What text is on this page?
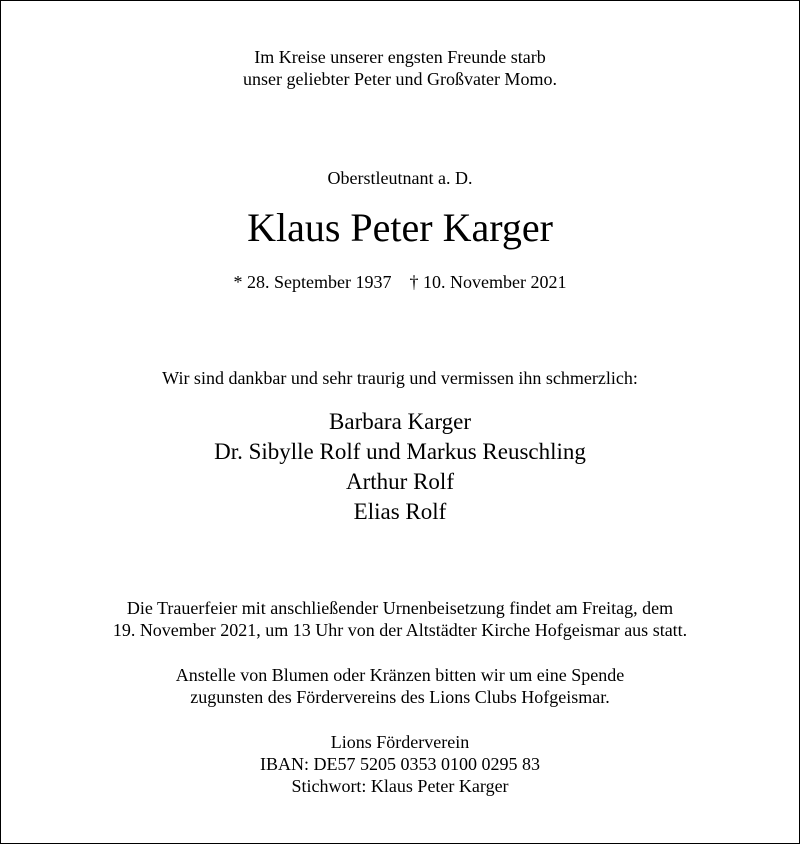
Im Kreise unserer engsten Freunde starb
unser geliebter Peter und Großvater Momo.
Oberstleutnant a. D.
Klaus Peter Karger
* 28. September 1937 † 10. November 2021
Wir sind dankbar und sehr traurig und vermissen ihn schmerzlich:
Barbara Karger
Dr. Sibylle Rolf und Markus Reuschling
Arthur Rolf
Elias Rolf
Die Trauerfeier mit anschließender Urnenbeisetzung findet am Freitag, dem
19. November 2021, um 13 Uhr von der Altstädter Kirche Hofgeismar aus statt.
Anstelle von Blumen oder Kränzen bitten wir um eine Spende
zugunsten des Fördervereins des Lions Clubs Hofgeismar.
Lions Förderverein
IBAN: DE57 5205 0353 0100 0295 83
Stichwort: Klaus Peter Karger
